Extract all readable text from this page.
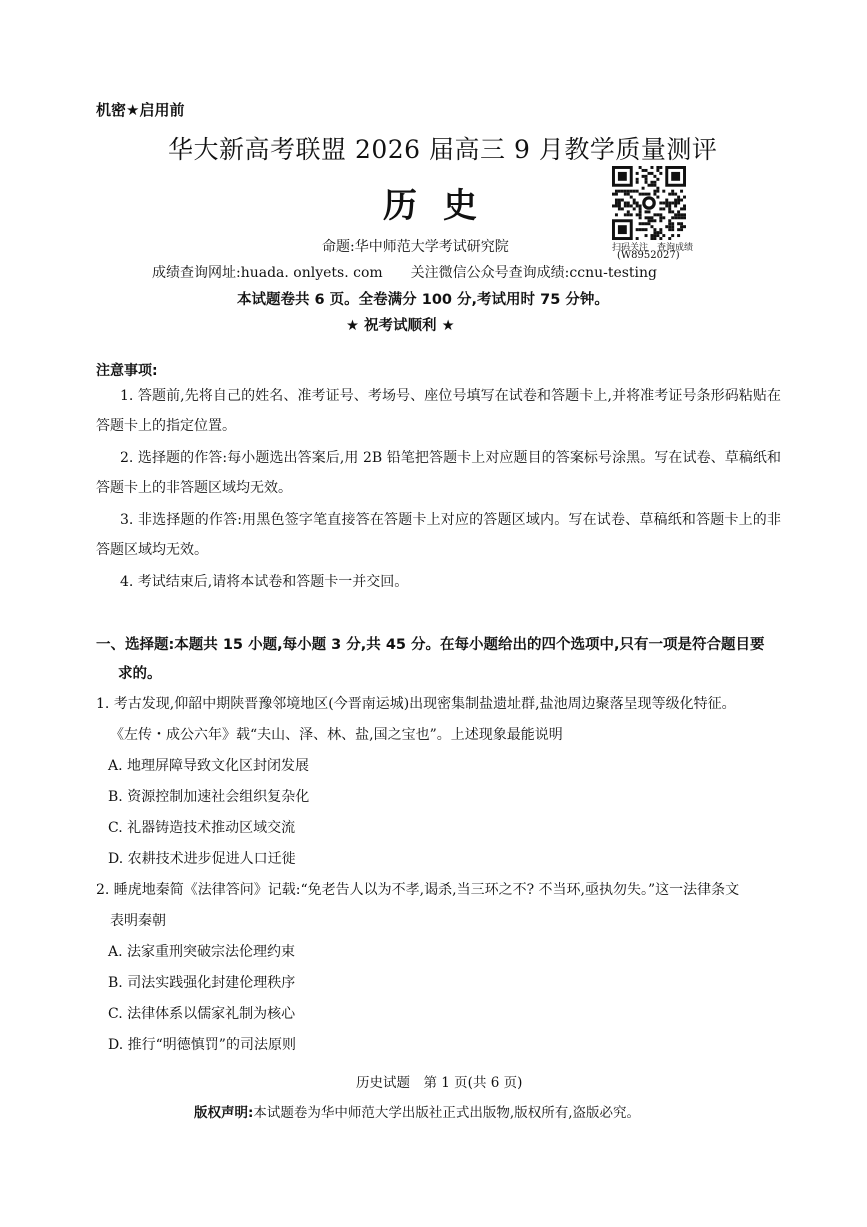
机密★启用前
华大新高考联盟 2026 届高三 9 月教学质量测评
历史
扫码关注　查询成绩
(W8952027)
命题:华中师范大学考试研究院
成绩查询网址:huada. onlyets. com　　关注微信公众号查询成绩:ccnu-testing
本试题卷共 6 页。全卷满分 100 分,考试用时 75 分钟。
★ 祝考试顺利 ★
注意事项:
1. 答题前,先将自己的姓名、准考证号、考场号、座位号填写在试卷和答题卡上,并将准考证号条形码粘贴在答题卡上的指定位置。
2. 选择题的作答:每小题选出答案后,用 2B 铅笔把答题卡上对应题目的答案标号涂黑。写在试卷、草稿纸和答题卡上的非答题区域均无效。
3. 非选择题的作答:用黑色签字笔直接答在答题卡上对应的答题区域内。写在试卷、草稿纸和答题卡上的非答题区域均无效。
4. 考试结束后,请将本试卷和答题卡一并交回。
一、选择题:本题共 15 小题,每小题 3 分,共 45 分。在每小题给出的四个选项中,只有一项是符合题目要
求的。
1. 考古发现,仰韶中期陕晋豫邻境地区(今晋南运城)出现密集制盐遗址群,盐池周边聚落呈现等级化特征。
《左传・成公六年》载“夫山、泽、林、盐,国之宝也”。上述现象最能说明
A. 地理屏障导致文化区封闭发展
B. 资源控制加速社会组织复杂化
C. 礼器铸造技术推动区域交流
D. 农耕技术进步促进人口迁徙
2. 睡虎地秦简《法律答问》记载:“免老告人以为不孝,谒杀,当三环之不? 不当环,亟执勿失。”这一法律条文
表明秦朝
A. 法家重刑突破宗法伦理约束
B. 司法实践强化封建伦理秩序
C. 法律体系以儒家礼制为核心
D. 推行“明德慎罚”的司法原则
历史试题　第 1 页(共 6 页)
版权声明:本试题卷为华中师范大学出版社正式出版物,版权所有,盗版必究。
